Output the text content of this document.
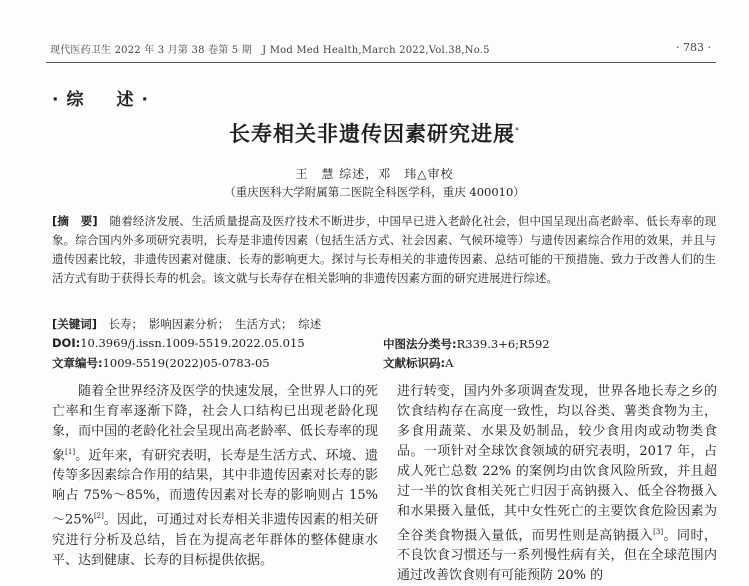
现代医药卫生 2022 年 3 月第 38 卷第 5 期　J Mod Med Health,March 2022,Vol.38,No.5	· 783 ·
·综　述·
长寿相关非遗传因素研究进展*
王　慧 综述，邓　玮△审校
（重庆医科大学附属第二医院全科医学科，重庆 400010）
[摘　要]　 随着经济发展、生活质量提高及医疗技术不断进步，中国早已进入老龄化社会，但中国呈现出高老龄率、低长寿率的现象。综合国内外多项研究表明，长寿是非遗传因素（包括生活方式、社会因素、气候环境等）与遗传因素综合作用的效果，并且与遗传因素比较，非遗传因素对健康、长寿的影响更大。探讨与长寿相关的非遗传因素、总结可能的干预措施、致力于改善人们的生活方式有助于获得长寿的机会。该文就与长寿存在相关影响的非遗传因素方面的研究进展进行综述。
[关键词]　 长寿；　影响因素分析；　生活方式；　综述
DOI:10.3969/j.issn.1009-5519.2022.05.015	中图法分类号:R339.3+6;R592
文章编号:1009-5519(2022)05-0783-05	文献标识码:A
随着全世界经济及医学的快速发展，全世界人口的死亡率和生育率逐渐下降，社会人口结构已出现老龄化现象，而中国的老龄化社会呈现出高老龄率、低长寿率的现象[1]。近年来，有研究表明，长寿是生活方式、环境、遗传等多因素综合作用的结果，其中非遗传因素对长寿的影响占 75%～85%，而遗传因素对长寿的影响则占 15%～25%[2]。因此，可通过对长寿相关非遗传因素的相关研究进行分析及总结，旨在为提高老年群体的整体健康水平、达到健康、长寿的目标提供依据。
进行转变，国内外多项调查发现，世界各地长寿之乡的饮食结构存在高度一致性，均以谷类、薯类食物为主，多食用蔬菜、水果及奶制品，较少食用肉或动物类食品。一项针对全球饮食领域的研究表明，2017 年，占成人死亡总数 22% 的案例均由饮食风险所致，并且超过一半的饮食相关死亡归因于高钠摄入、低全谷物摄入和水果摄入量低，其中女性死亡的主要饮食危险因素为全谷类食物摄入量低，而男性则是高钠摄入[3]。同时，不良饮食习惯还与一系列慢性病有关，但在全球范围内通过改善饮食则有可能预防 20% 的
